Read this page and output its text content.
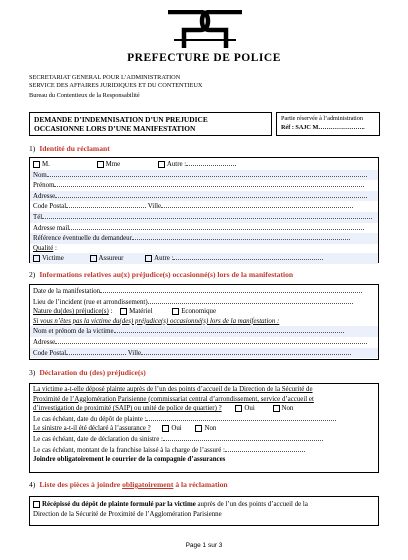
PREFECTURE DE POLICE
SECRETARIAT GENERAL POUR L’ADMINISTRATION
SERVICE DES AFFAIRES JURIDIQUES ET DU CONTENTIEUX
Bureau du Contentieux de la Responsabilité
DEMANDE D’INDEMNISATION D’UN PREJUDICE
OCCASIONNE LORS D’UNE MANIFESTATION
Partie réservée à l’administration
Réf : SAJC M…………………..
1) Identité du réclamant
M.	Mme	Autre :
Nom
Prénom
Adresse
Code Postal	Ville
Tél
Adresse mail
Référence éventuelle du demandeur
Qualité :
Victime	Assureur	Autre :
2) Informations relatives au(x) préjudice(s) occasionné(s) lors de la manifestation
Date de la manifestation
Lieu de l’incident (rue et arrondissement)
Nature du(des) préjudice(s) : Matériel	Economique
Si vous n’êtes pas la victime du(des) préjudice(s) occasionné(s) lors de la manifestation :
Nom et prénom de la victime
Adresse
Code Postal	Ville
3) Déclaration du (des) préjudice(s)
La victime a-t-elle déposé plainte auprès de l’un des points d’accueil de la Direction de la Sécurité de
Proximité de l’Agglomération Parisienne (commissariat central d’arrondissement, service d’accueil et
d’investigation de proximité (SAIP) ou unité de police de quartier) ?	Oui	Non
Le cas échéant, date du dépôt de plainte :
Le sinistre a-t-il été déclaré à l’assurance ?	Oui	Non
Le cas échéant, date de déclaration du sinistre :
Le cas échéant, montant de la franchise laissé à la charge de l’assuré :
Joindre obligatoirement le courrier de la compagnie d’assurances
4) Liste des pièces à joindre obligatoirement à la réclamation
Récépissé du dépôt de plainte formulé par la victime auprès de l’un des points d’accueil de la
Direction de la Sécurité de Proximité de l’Agglomération Parisienne
Page 1 sur 3
